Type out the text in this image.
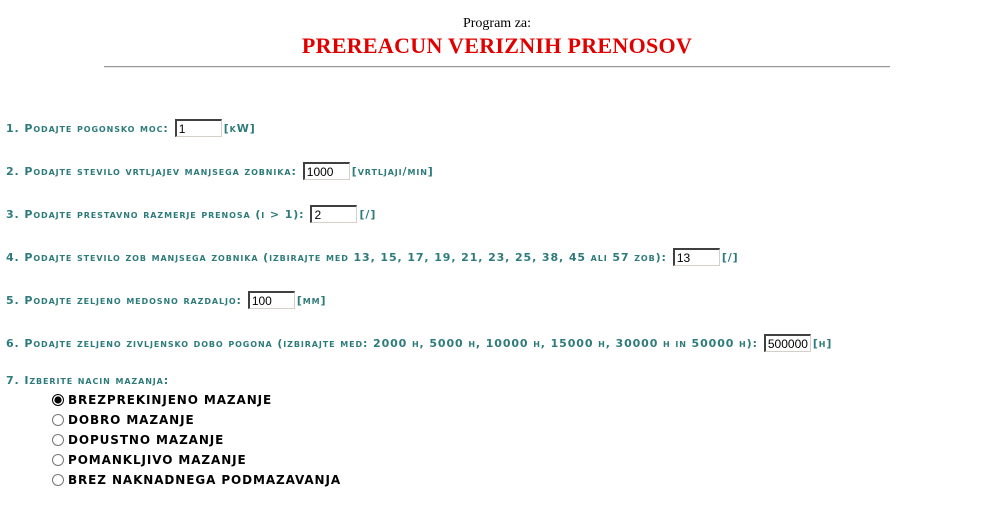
Program za:
PREREACUN VERIZNIH PRENOSOV
1. Podajte pogonsko moc:
1	[kW]
2. Podajte stevilo vrtljajev manjsega zobnika:
1000	[vrtljaji/min]
3. Podajte prestavno razmerje prenosa (i > 1):
2	[/]
4. Podajte stevilo zob manjsega zobnika (izbirajte med 13, 15, 17, 19, 21, 23, 25, 38, 45 ali 57 zob):
13	[/]
5. Podajte zeljeno medosno razdaljo:
100	[mm]
6. Podajte zeljeno zivljensko dobo pogona (izbirajte med: 2000 h, 5000 h, 10000 h, 15000 h, 30000 h in 50000 h):
500000	[h]
7. Izberite nacin mazanja:
BREZPREKINJENO MAZANJE
DOBRO MAZANJE
DOPUSTNO MAZANJE
POMANKLJIVO MAZANJE
BREZ NAKNADNEGA PODMAZAVANJA
